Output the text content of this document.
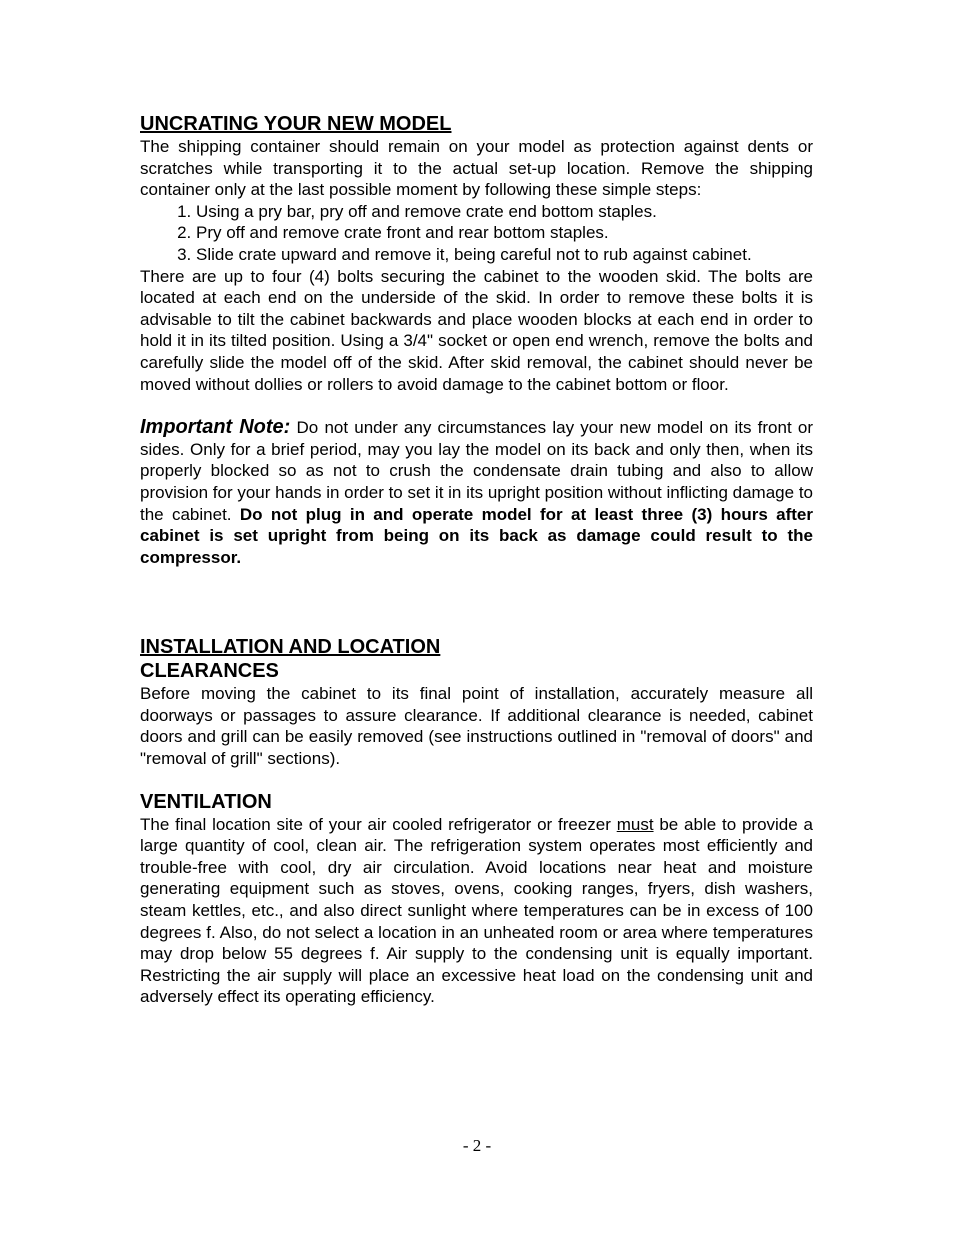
UNCRATING YOUR NEW MODEL

The shipping container should remain on your model as protection against dents or scratches while transporting it to the actual set-up location. Remove the shipping container only at the last possible moment by following these simple steps:

1. Using a pry bar, pry off and remove crate end bottom staples.
2. Pry off and remove crate front and rear bottom staples.
3. Slide crate upward and remove it, being careful not to rub against cabinet.

There are up to four (4) bolts securing the cabinet to the wooden skid. The bolts are located at each end on the underside of the skid. In order to remove these bolts it is advisable to tilt the cabinet backwards and place wooden blocks at each end in order to hold it in its tilted position. Using a 3/4" socket or open end wrench, remove the bolts and carefully slide the model off of the skid. After skid removal, the cabinet should never be moved without dollies or rollers to avoid damage to the cabinet bottom or floor.

Important Note: Do not under any circumstances lay your new model on its front or sides. Only for a brief period, may you lay the model on its back and only then, when its properly blocked so as not to crush the condensate drain tubing and also to allow provision for your hands in order to set it in its upright position without inflicting damage to the cabinet. Do not plug in and operate model for at least three (3) hours after cabinet is set upright from being on its back as damage could result to the compressor.

INSTALLATION AND LOCATION
CLEARANCES

Before moving the cabinet to its final point of installation, accurately measure all doorways or passages to assure clearance. If additional clearance is needed, cabinet doors and grill can be easily removed (see instructions outlined in "removal of doors" and "removal of grill" sections).

VENTILATION

The final location site of your air cooled refrigerator or freezer must be able to provide a large quantity of cool, clean air. The refrigeration system operates most efficiently and trouble-free with cool, dry air circulation. Avoid locations near heat and moisture generating equipment such as stoves, ovens, cooking ranges, fryers, dish washers, steam kettles, etc., and also direct sunlight where temperatures can be in excess of 100 degrees f. Also, do not select a location in an unheated room or area where temperatures may drop below 55 degrees f. Air supply to the condensing unit is equally important. Restricting the air supply will place an excessive heat load on the condensing unit and adversely effect its operating efficiency.

- 2 -
